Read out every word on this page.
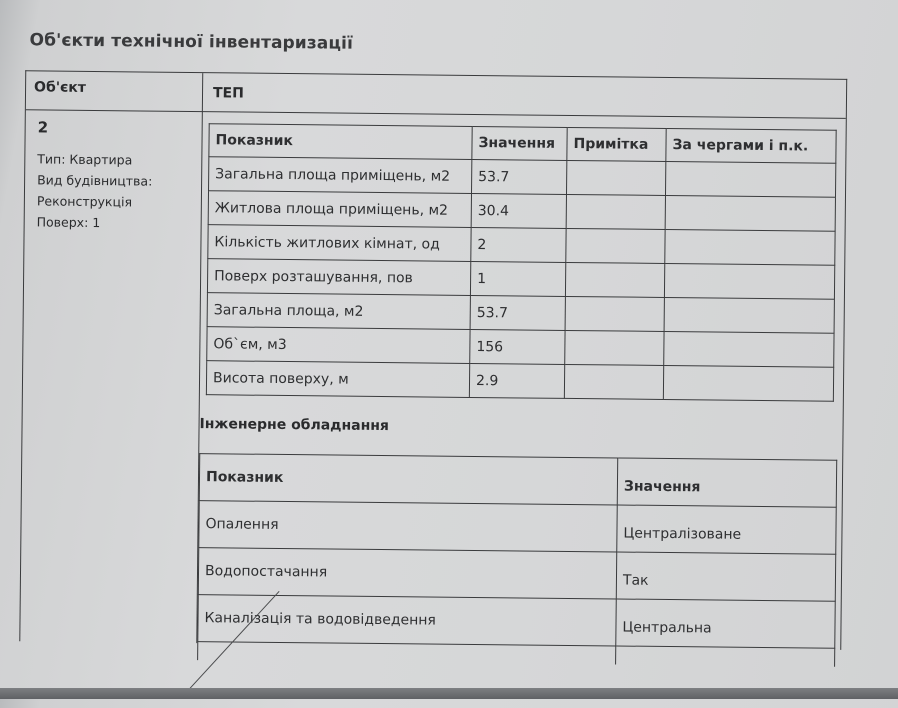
Об'єкти технічної інвентаризації
Об'єкт	ТЕП
2
Тип: Квартира
Вид будівництва:
Реконструкція
Поверх: 1
Показник	Значення	Примітка	За чергами і п.к.
Загальна площа приміщень, м2	53.7		
Житлова площа приміщень, м2	30.4		
Кількість житлових кімнат, од	2		
Поверх розташування, пов	1		
Загальна площа, м2	53.7		
Об`єм, м3	156		
Висота поверху, м	2.9		
Інженерне обладнання
Показник	Значення
Опалення	Централізоване
Водопостачання	Так
Каналізація та водовідведення	Центральна
